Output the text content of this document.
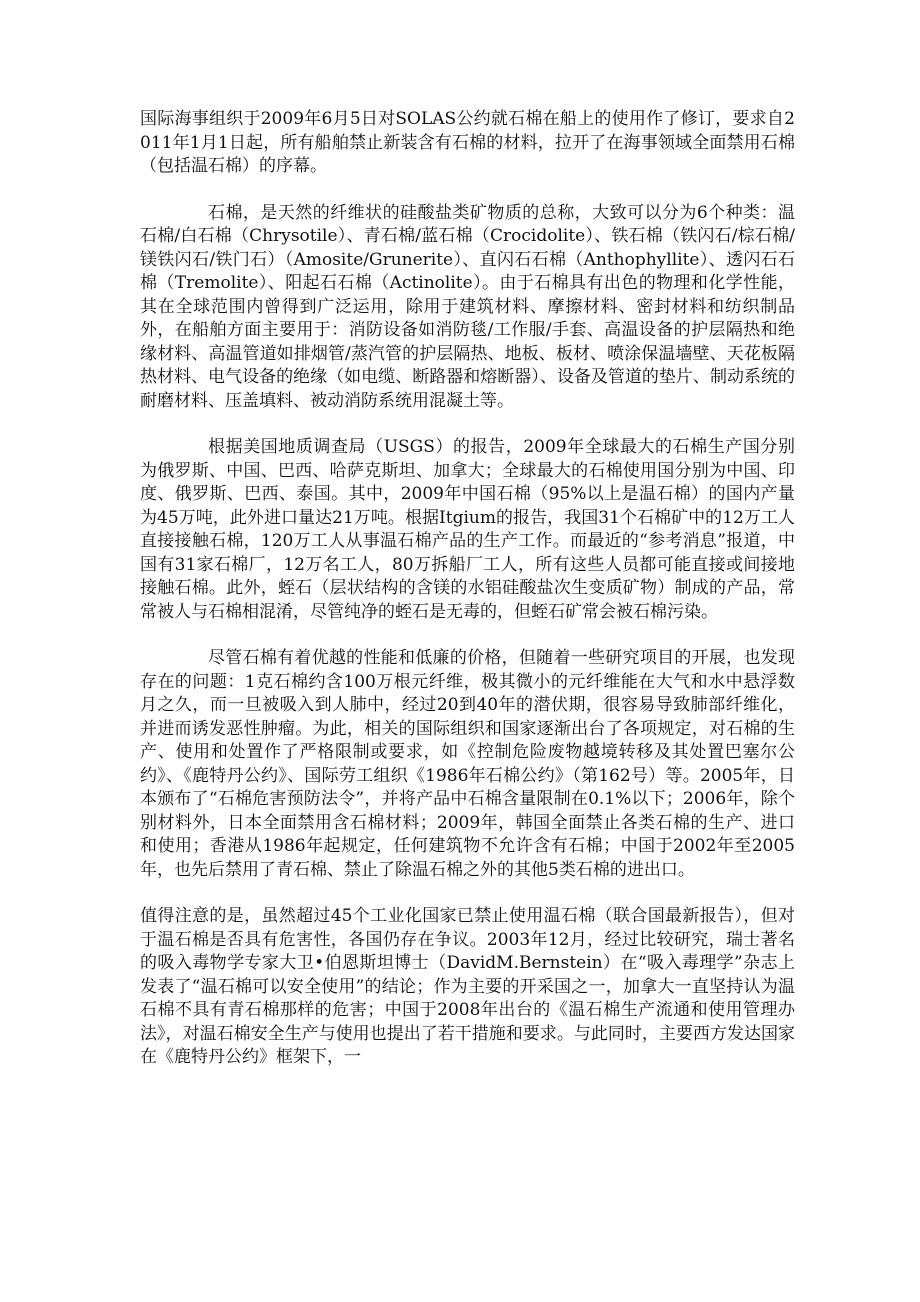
国际海事组织于2009年6月5日对SOLAS公约就石棉在船上的使用作了修订，要求自2011年1月1日起，所有船舶禁止新装含有石棉的材料，拉开了在海事领域全面禁用石棉（包括温石棉）的序幕。

石棉，是天然的纤维状的硅酸盐类矿物质的总称，大致可以分为6个种类：温石棉/白石棉（Chrysotile）、青石棉/蓝石棉（Crocidolite）、铁石棉（铁闪石/棕石棉/镁铁闪石/铁门石）（Amosite/Grunerite）、直闪石石棉（Anthophyllite）、透闪石石棉（Tremolite）、阳起石石棉（Actinolite）。由于石棉具有出色的物理和化学性能，其在全球范围内曾得到广泛运用，除用于建筑材料、摩擦材料、密封材料和纺织制品外，在船舶方面主要用于：消防设备如消防毯/工作服/手套、高温设备的护层隔热和绝缘材料、高温管道如排烟管/蒸汽管的护层隔热、地板、板材、喷涂保温墙壁、天花板隔热材料、电气设备的绝缘（如电缆、断路器和熔断器）、设备及管道的垫片、制动系统的耐磨材料、压盖填料、被动消防系统用混凝土等。

根据美国地质调查局（USGS）的报告，2009年全球最大的石棉生产国分别为俄罗斯、中国、巴西、哈萨克斯坦、加拿大；全球最大的石棉使用国分别为中国、印度、俄罗斯、巴西、泰国。其中，2009年中国石棉（95%以上是温石棉）的国内产量为45万吨，此外进口量达21万吨。根据Itgium的报告，我国31个石棉矿中的12万工人直接接触石棉，120万工人从事温石棉产品的生产工作。而最近的“参考消息”报道，中国有31家石棉厂，12万名工人，80万拆船厂工人，所有这些人员都可能直接或间接地接触石棉。此外，蛭石（层状结构的含镁的水铝硅酸盐次生变质矿物）制成的产品，常常被人与石棉相混淆，尽管纯净的蛭石是无毒的，但蛭石矿常会被石棉污染。

尽管石棉有着优越的性能和低廉的价格，但随着一些研究项目的开展，也发现存在的问题：1克石棉约含100万根元纤维，极其微小的元纤维能在大气和水中悬浮数月之久，而一旦被吸入到人肺中，经过20到40年的潜伏期，很容易导致肺部纤维化，并进而诱发恶性肿瘤。为此，相关的国际组织和国家逐渐出台了各项规定，对石棉的生产、使用和处置作了严格限制或要求，如《控制危险废物越境转移及其处置巴塞尔公约》、《鹿特丹公约》、国际劳工组织《1986年石棉公约》（第162号）等。2005年，日本颁布了“石棉危害预防法令”，并将产品中石棉含量限制在0.1%以下；2006年，除个别材料外，日本全面禁用含石棉材料；2009年，韩国全面禁止各类石棉的生产、进口和使用；香港从1986年起规定，任何建筑物不允许含有石棉；中国于2002年至2005年，也先后禁用了青石棉、禁止了除温石棉之外的其他5类石棉的进出口。

值得注意的是，虽然超过45个工业化国家已禁止使用温石棉（联合国最新报告），但对于温石棉是否具有危害性，各国仍存在争议。2003年12月，经过比较研究，瑞士著名的吸入毒物学专家大卫•伯恩斯坦博士（DavidM.Bernstein）在“吸入毒理学”杂志上发表了“温石棉可以安全使用”的结论；作为主要的开采国之一，加拿大一直坚持认为温石棉不具有青石棉那样的危害；中国于2008年出台的《温石棉生产流通和使用管理办法》，对温石棉安全生产与使用也提出了若干措施和要求。与此同时，主要西方发达国家在《鹿特丹公约》框架下，一
